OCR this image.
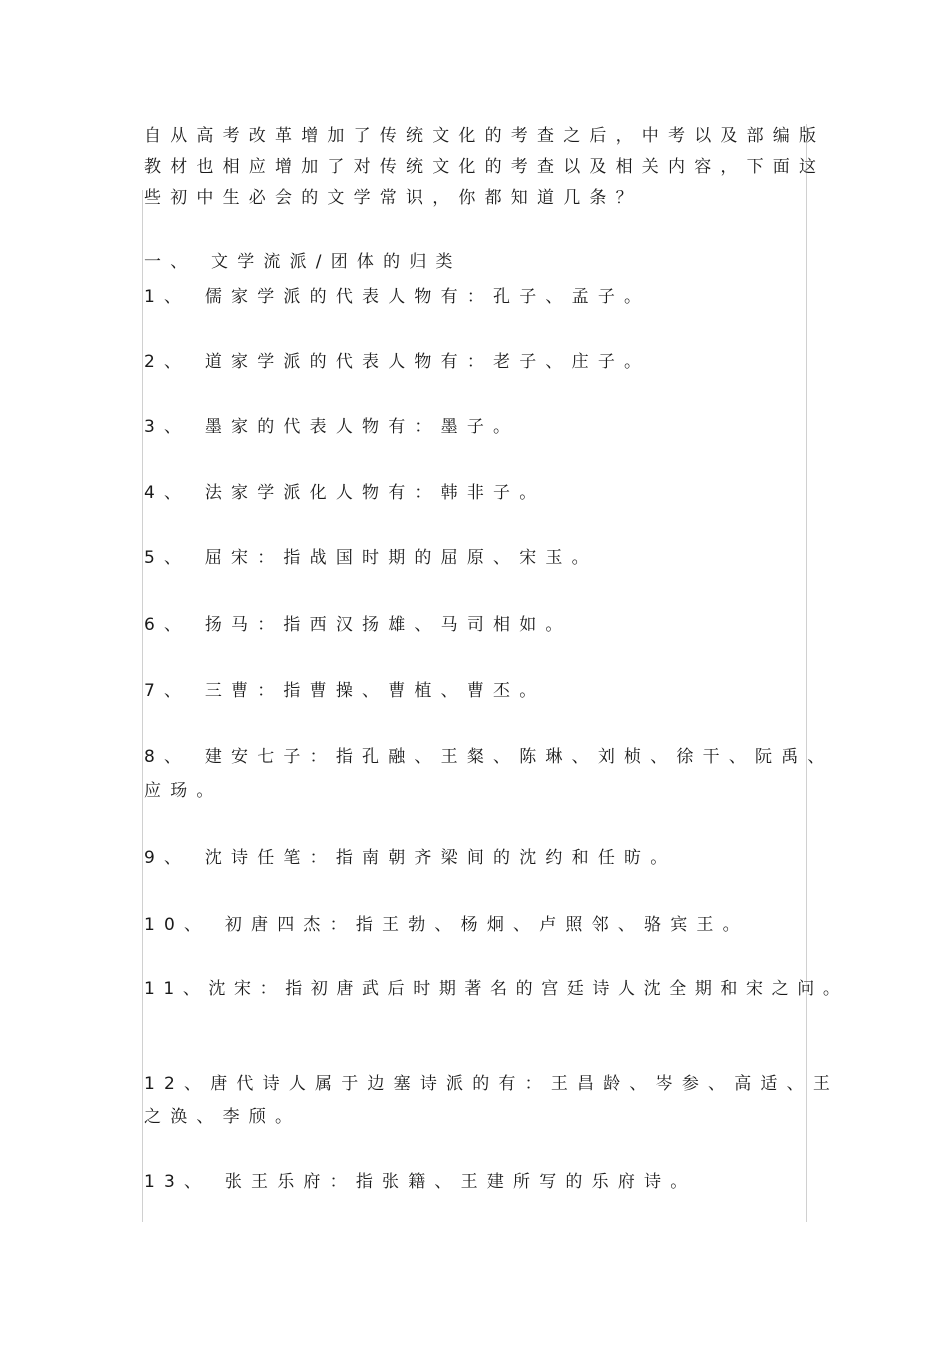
自从高考改革增加了传统文化的考查之后，中考以及部编版
教材也相应增加了对传统文化的考查以及相关内容，下面这
些初中生必会的文学常识，你都知道几条？
一、 文学流派/团体的归类
1、 儒家学派的代表人物有：孔子、孟子。
2、 道家学派的代表人物有：老子、庄子。
3、 墨家的代表人物有：墨子。
4、 法家学派化人物有：韩非子。
5、 屈宋：指战国时期的屈原、宋玉。
6、 扬马：指西汉扬雄、马司相如。
7、 三曹：指曹操、曹植、曹丕。
8、 建安七子：指孔融、王粲、陈琳、刘桢、徐干、阮禹、
应玚。
9、 沈诗任笔：指南朝齐梁间的沈约和任昉。
10、 初唐四杰：指王勃、杨炯、卢照邻、骆宾王。
11、沈宋：指初唐武后时期著名的宫廷诗人沈全期和宋之问。
12、唐代诗人属于边塞诗派的有：王昌龄、岑参、高适、王
之涣、李颀。
13、 张王乐府：指张籍、王建所写的乐府诗。
